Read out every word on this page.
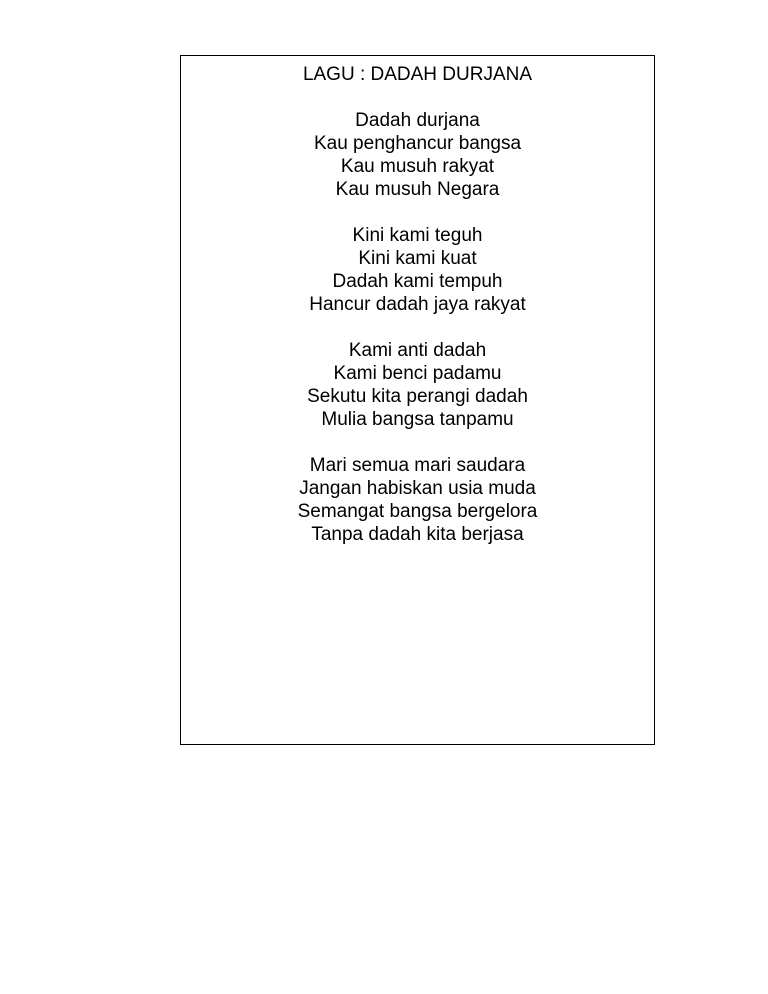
LAGU : DADAH DURJANA
Dadah durjana
Kau penghancur bangsa
Kau musuh rakyat
Kau musuh Negara
Kini kami teguh
Kini kami kuat
Dadah kami tempuh
Hancur dadah jaya rakyat
Kami anti dadah
Kami benci padamu
Sekutu kita perangi dadah
Mulia bangsa tanpamu
Mari semua mari saudara
Jangan habiskan usia muda
Semangat bangsa bergelora
Tanpa dadah kita berjasa
